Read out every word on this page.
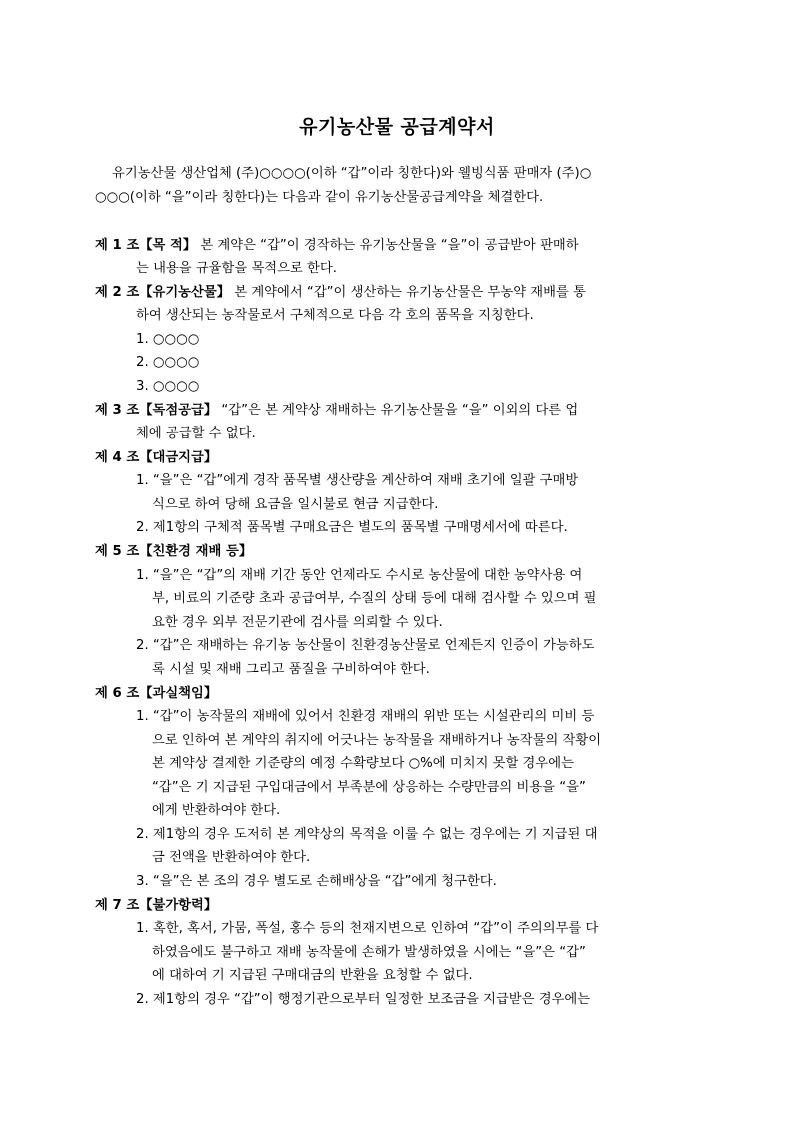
유기농산물 공급계약서
유기농산물 생산업체 (주)○○○○(이하 “갑”이라 칭한다)와 웰빙식품 판매자 (주)○
○○○(이하 “을”이라 칭한다)는 다음과 같이 유기농산물공급계약을 체결한다.
제 1 조【목 적】 본 계약은 “갑”이 경작하는 유기농산물을 “을”이 공급받아 판매하
는 내용을 규율함을 목적으로 한다.
제 2 조【유기농산물】 본 계약에서 “갑”이 생산하는 유기농산물은 무농약 재배를 통
하여 생산되는 농작물로서 구체적으로 다음 각 호의 품목을 지칭한다.
1. ○○○○
2. ○○○○
3. ○○○○
제 3 조【독점공급】 “갑”은 본 계약상 재배하는 유기농산물을 “을” 이외의 다른 업
체에 공급할 수 없다.
제 4 조【대금지급】
1. “을”은 “갑”에게 경작 품목별 생산량을 계산하여 재배 초기에 일괄 구매방
식으로 하여 당해 요금을 일시불로 현금 지급한다.
2. 제1항의 구체적 품목별 구매요금은 별도의 품목별 구매명세서에 따른다.
제 5 조【친환경 재배 등】
1. “을”은 “갑”의 재배 기간 동안 언제라도 수시로 농산물에 대한 농약사용 여
부, 비료의 기준량 초과 공급여부, 수질의 상태 등에 대해 검사할 수 있으며 필
요한 경우 외부 전문기관에 검사를 의뢰할 수 있다.
2. “갑”은 재배하는 유기농 농산물이 친환경농산물로 언제든지 인증이 가능하도
록 시설 및 재배 그리고 품질을 구비하여야 한다.
제 6 조【과실책임】
1. “갑”이 농작물의 재배에 있어서 친환경 재배의 위반 또는 시설관리의 미비 등
으로 인하여 본 계약의 취지에 어긋나는 농작물을 재배하거나 농작물의 작황이
본 계약상 결제한 기준량의 예정 수확량보다 ○%에 미치지 못할 경우에는
“갑”은 기 지급된 구입대금에서 부족분에 상응하는 수량만큼의 비용을 “을”
에게 반환하여야 한다.
2. 제1항의 경우 도저히 본 계약상의 목적을 이룰 수 없는 경우에는 기 지급된 대
금 전액을 반환하여야 한다.
3. “을”은 본 조의 경우 별도로 손해배상을 “갑”에게 청구한다.
제 7 조【불가항력】
1. 혹한, 혹서, 가뭄, 폭설, 홍수 등의 천재지변으로 인하여 “갑”이 주의의무를 다
하였음에도 불구하고 재배 농작물에 손해가 발생하였을 시에는 “을”은 “갑”
에 대하여 기 지급된 구매대금의 반환을 요청할 수 없다.
2. 제1항의 경우 “갑”이 행정기관으로부터 일정한 보조금을 지급받은 경우에는
